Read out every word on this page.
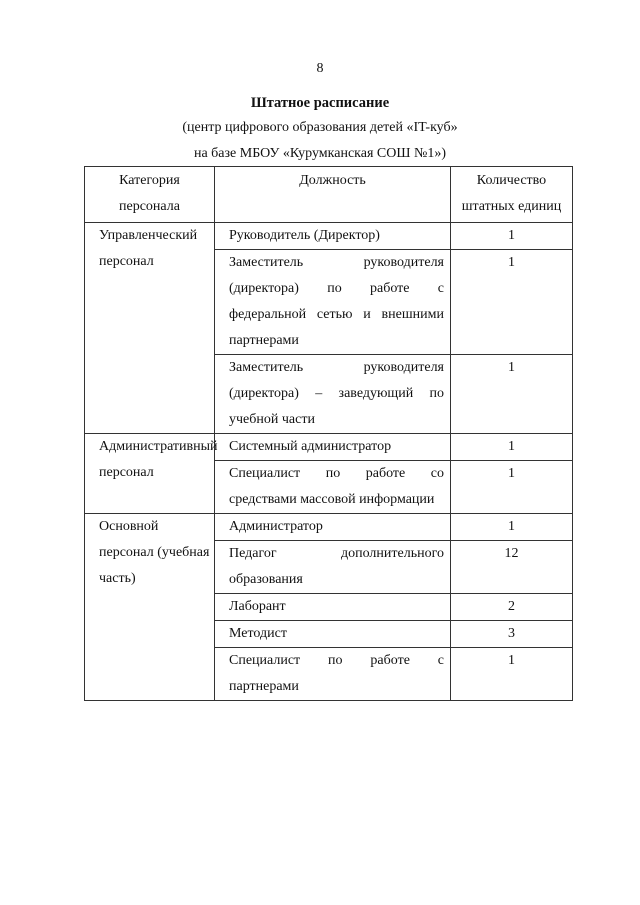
8
Штатное расписание
(центр цифрового образования детей «IT-куб»
на базе МБОУ «Курумканская СОШ №1»)
Категория персонала	Должность	Количество штатных единиц
Управленческий персонал	Руководитель (Директор)	1
	Заместитель руководителя (директора) по работе с федеральной сетью и внешними партнерами	1
	Заместитель руководителя (директора) – заведующий по учебной части	1
Административный персонал	Системный администратор	1
	Специалист по работе со средствами массовой информации	1
Основной персонал (учебная часть)	Администратор	1
	Педагог дополнительного образования	12
	Лаборант	2
	Методист	3
	Специалист по работе с партнерами	1
